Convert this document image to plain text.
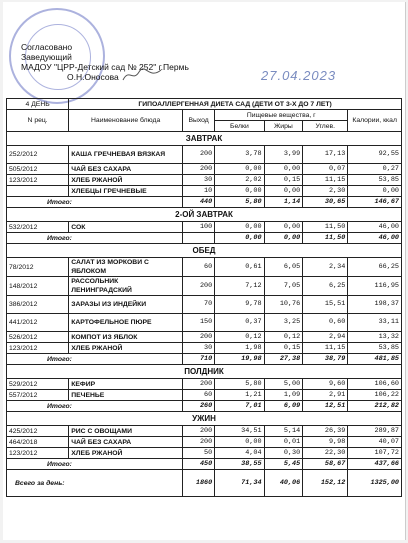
Согласовано
Заведующий
МАДОУ "ЦРР-Детский сад № 252" г.Пермь
О.Н.Оносова	27.04.2023
4 ДЕНЬ	ГИПОАЛЛЕРГЕННАЯ ДИЕТА САД (ДЕТИ ОТ 3-Х ДО 7 ЛЕТ)					
N рец.	Наименование блюда	Выход	Пищевые вещества, г			Калории, ккал
			Белки	Жиры	Углев.	
ЗАВТРАК						
252/2012	КАША ГРЕЧНЕВАЯ ВЯЗКАЯ	200	3,78	3,99	17,13	92,55
505/2012	ЧАЙ БЕЗ САХАРА	200	0,00	0,00	0,07	0,27
123/2012	ХЛЕБ РЖАНОЙ	30	2,02	0,15	11,15	53,85
	ХЛЕБЦЫ ГРЕЧНЕВЫЕ	10	0,00	0,00	2,30	0,00
Итого:		440	5,80	1,14	30,65	146,67
2-ОЙ ЗАВТРАК						
532/2012	СОК	100	0,00	0,00	11,50	46,00
Итого:			0,00	0,00	11,50	46,00
ОБЕД						
78/2012	САЛАТ ИЗ МОРКОВИ С ЯБЛОКОМ	60	0,61	6,05	2,34	66,25
148/2012	РАССОЛЬНИК ЛЕНИНГРАДСКИЙ	200	7,12	7,05	6,25	116,95
386/2012	ЗАРАЗЫ ИЗ ИНДЕЙКИ	70	9,78	10,76	15,51	198,37
441/2012	КАРТОФЕЛЬНОЕ ПЮРЕ	150	0,37	3,25	0,60	33,11
526/2012	КОМПОТ ИЗ ЯБЛОК	200	0,12	0,12	2,94	13,32
123/2012	ХЛЕБ РЖАНОЙ	30	1,98	0,15	11,15	53,85
Итого:		710	19,98	27,38	38,79	481,85
ПОЛДНИК						
529/2012	КЕФИР	200	5,80	5,00	9,60	106,60
557/2012	ПЕЧЕНЬЕ	60	1,21	1,09	2,91	106,22
Итого:		260	7,01	6,09	12,51	212,82
УЖИН						
425/2012	РИС С ОВОЩАМИ	200	34,51	5,14	26,39	289,87
464/2018	ЧАЙ БЕЗ САХАРА	200	0,00	0,01	9,98	40,07
123/2012	ХЛЕБ РЖАНОЙ	50	4,04	0,30	22,30	107,72
Итого:		450	38,55	5,45	58,67	437,66
Всего за день:		1860	71,34	40,06	152,12	1325,00
